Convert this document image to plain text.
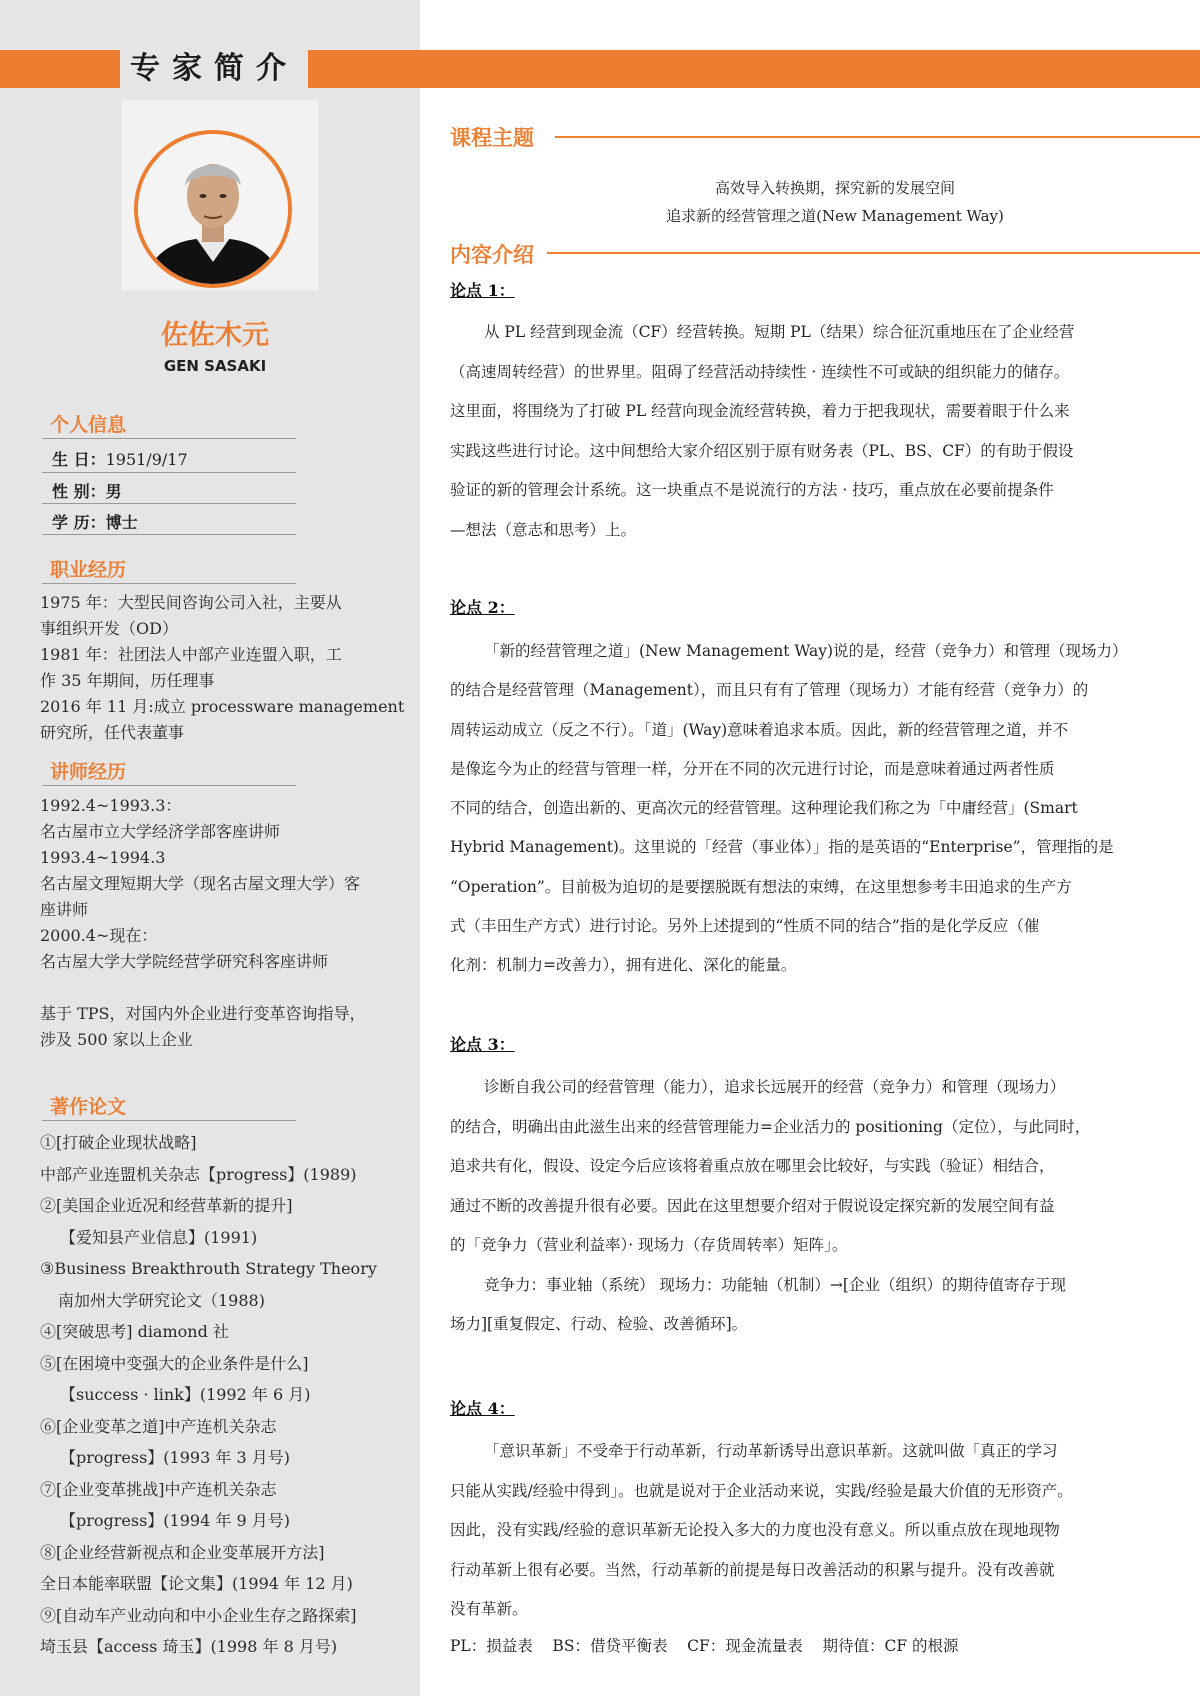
专家简介
佐佐木元
GEN SASAKI
个人信息
生 日：1951/9/17
性 别：男
学 历：博士
职业经历
1975 年：大型民间咨询公司入社，主要从
事组织开发（OD）
1981 年：社团法人中部产业连盟入职，工
作 35 年期间，历任理事
2016 年 11 月:成立 processware management
研究所，任代表董事
讲师经历
1992.4~1993.3：
名古屋市立大学经济学部客座讲师
1993.4~1994.3
名古屋文理短期大学（现名古屋文理大学）客
座讲师
2000.4~现在：
名古屋大学大学院经营学研究科客座讲师
基于 TPS，对国内外企业进行变革咨询指导，
涉及 500 家以上企业
著作论文
①[打破企业现状战略]
中部产业连盟机关杂志【progress】(1989)
②[美国企业近况和经营革新的提升]
【爱知县产业信息】(1991)
③Business Breakthrouth Strategy Theory
南加州大学研究论文（1988)
④[突破思考] diamond 社
⑤[在困境中变强大的企业条件是什么]
【success · link】(1992 年 6 月)
⑥[企业变革之道]中产连机关杂志
【progress】(1993 年 3 月号)
⑦[企业变革挑战]中产连机关杂志
【progress】(1994 年 9 月号)
⑧[企业经营新视点和企业变革展开方法]
全日本能率联盟【论文集】(1994 年 12 月)
⑨[自动车产业动向和中小企业生存之路探索]
埼玉县【access 琦玉】(1998 年 8 月号)
课程主题
高效导入转换期，探究新的发展空间
追求新的经营管理之道(New Management Way)
内容介绍
论点 1：
从 PL 经营到现金流（CF）经营转换。短期 PL（结果）综合征沉重地压在了企业经营
（高速周转经营）的世界里。阻碍了经营活动持续性 · 连续性不可或缺的组织能力的储存。
这里面，将围绕为了打破 PL 经营向现金流经营转换，着力于把我现状，需要着眼于什么来
实践这些进行讨论。这中间想给大家介绍区别于原有财务表（PL、BS、CF）的有助于假设
验证的新的管理会计系统。这一块重点不是说流行的方法 · 技巧，重点放在必要前提条件
—想法（意志和思考）上。
论点 2：
「新的经营管理之道」(New Management Way)说的是，经营（竞争力）和管理（现场力）
的结合是经营管理（Management），而且只有有了管理（现场力）才能有经营（竞争力）的
周转运动成立（反之不行）。「道」(Way)意味着追求本质。因此，新的经营管理之道，并不
是像迄今为止的经营与管理一样，分开在不同的次元进行讨论，而是意味着通过两者性质
不同的结合，创造出新的、更高次元的经营管理。这种理论我们称之为「中庸经营」(Smart
Hybrid Management)。这里说的「经营（事业体）」指的是英语的“Enterprise”，管理指的是
“Operation”。目前极为迫切的是要摆脱既有想法的束缚，在这里想参考丰田追求的生产方
式（丰田生产方式）进行讨论。另外上述提到的“性质不同的结合”指的是化学反应（催
化剂：机制力=改善力），拥有进化、深化的能量。
论点 3：
诊断自我公司的经营管理（能力），追求长远展开的经营（竞争力）和管理（现场力）
的结合，明确出由此滋生出来的经营管理能力=企业活力的 positioning（定位），与此同时，
追求共有化，假设、设定今后应该将着重点放在哪里会比较好，与实践（验证）相结合，
通过不断的改善提升很有必要。因此在这里想要介绍对于假说设定探究新的发展空间有益
的「竞争力（营业利益率）· 现场力（存货周转率）矩阵」。
竞争力：事业轴（系统） 现场力：功能轴（机制）→[企业（组织）的期待值寄存于现
场力][重复假定、行动、检验、改善循环]。
论点 4：
「意识革新」不受牵于行动革新，行动革新诱导出意识革新。这就叫做「真正的学习
只能从实践/经验中得到」。也就是说对于企业活动来说，实践/经验是最大价值的无形资产。
因此，没有实践/经验的意识革新无论投入多大的力度也没有意义。所以重点放在现地现物
行动革新上很有必要。当然，行动革新的前提是每日改善活动的积累与提升。没有改善就
没有革新。
PL：损益表    BS：借贷平衡表    CF：现金流量表    期待值：CF 的根源
